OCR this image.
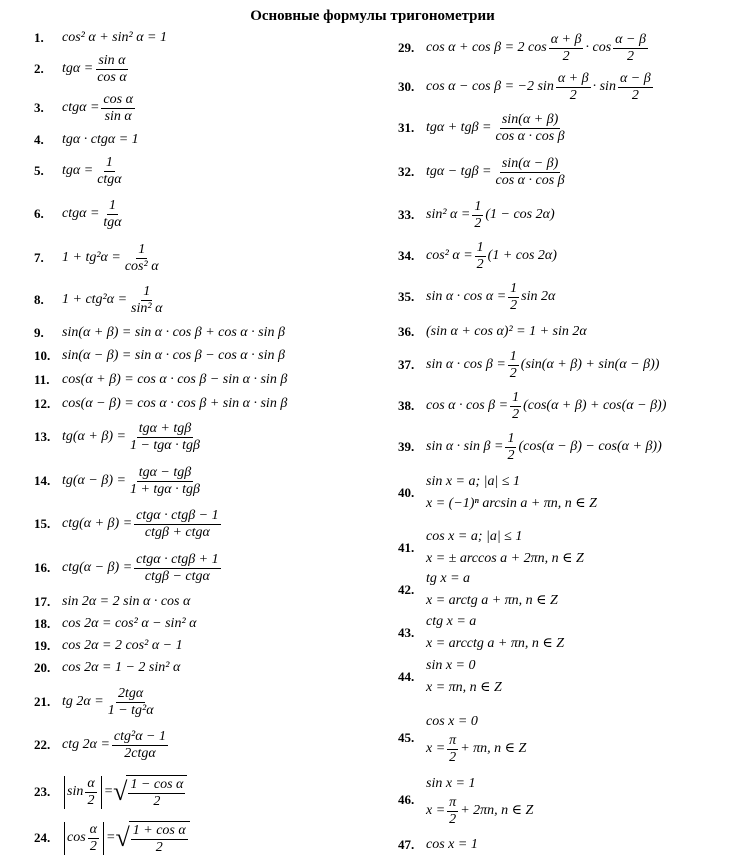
Основные формулы тригонометрии
1.	cos² α + sin² α = 1
2.	$tg\alpha = \frac{\text{sin α}}{\text{cos α}}$
3.	$ctg\alpha = \frac{\text{cos α}}{\text{sin α}}$
4.	tgα · ctgα = 1
5.	$tg\alpha = \frac{1}{\text{ctgα}}$
6.	$ctg\alpha = \frac{1}{\text{tgα}}$
7.	$1 + tg^2\alpha = \frac{1}{\text{cos² α}}$
8.	$1 + ctg^2\alpha = \frac{1}{\text{sin² α}}$
9.	sin(α + β) = sin α · cos β + cos α · sin β
10. sin(α − β) = sin α · cos β − cos α · sin β
11. cos(α + β) = cos α · cos β − sin α · sin β
12. cos(α − β) = cos α · cos β + sin α · sin β
13. $tg(\alpha + \beta) = \frac{\text{tgα + tgβ}}{\text{1 − tgα · tgβ}}$
14. $tg(\alpha - \beta) = \frac{\text{tgα − tgβ}}{\text{1 + tgα · tgβ}}$
15. $ctg(\alpha + \beta) = \frac{\text{ctgα · ctgβ − 1}}{\text{ctgβ + ctgα}}$
16. $ctg(\alpha - \beta) = \frac{\text{ctgα · ctgβ + 1}}{\text{ctgβ − ctgα}}$
17. sin 2α = 2 sin α · cos α
18. cos 2α = cos² α − sin² α
19. cos 2α = 2 cos² α − 1
20. cos 2α = 1 − 2 sin² α
21. tg $2\alpha = \frac{\text{2tgα}}{\text{1 − tg²α}}$
22. ctg $2\alpha = \frac{\text{ctg²α − 1}}{\text{2ctgα}}$
23.	$\sin \frac{\alpha}{2}$ = √ $\frac{\text{1 − cos α}}{2}$
24.	$\cos \frac{\alpha}{2}$ = √ $\frac{\text{1 + cos α}}{2}$
29. cos α + cos β = 2 $\cos \frac{\alpha + \beta}{2} \cdot \cos \frac{\alpha - \beta}{2}$
30. cos α − cos β = −2 $\sin \frac{\alpha + \beta}{2} \cdot \sin \frac{\alpha - \beta}{2}$
31. $tg\alpha + tg\beta = \frac{\sin(\alpha + \beta)}{\text{cos α · cos β}}$
32. $tg\alpha - tg\beta = \frac{\sin(\alpha - \beta)}{\text{cos α · cos β}}$
33. sin² $\alpha = \frac{1}{2} (1 - \cos 2\alpha)$
34. cos² $\alpha = \frac{1}{2} (1 + \cos 2\alpha)$
35. $\sin \alpha \cdot \cos \alpha = \frac{1}{2}$ sin 2α
36. (sin α + cos α)² = 1 + sin 2α
37. $\sin \alpha \cdot \cos \beta = \frac{1}{2} (\sin(\alpha + \beta) + \sin(\alpha - \beta))$
38. $\cos \alpha \cdot \cos \beta = \frac{1}{2} (\cos(\alpha + \beta) + \cos(\alpha - \beta))$
39. $\sin \alpha \cdot \sin \beta = \frac{1}{2} (\cos(\alpha - \beta) - \cos(\alpha + \beta))$
40.
sin x = a; |a| ≤ 1
x = (−1)ⁿ arcsin a + πn, n ∈ Z
41.
cos x = a; |a| ≤ 1
x = ± arccos a + 2πn, n ∈ Z
42.
tg x = a
x = arctg a + πn, n ∈ Z
43.
ctg x = a
x = arcctg a + πn, n ∈ Z
44.
sin x = 0
x = πn, n ∈ Z
45.
cos x = 0
$x = \frac{\pi}{2} + \pi n$, n ∈ Z
46.
sin x = 1
$x = \frac{\pi}{2} + 2\pi n$, n ∈ Z
47. cos x = 1
